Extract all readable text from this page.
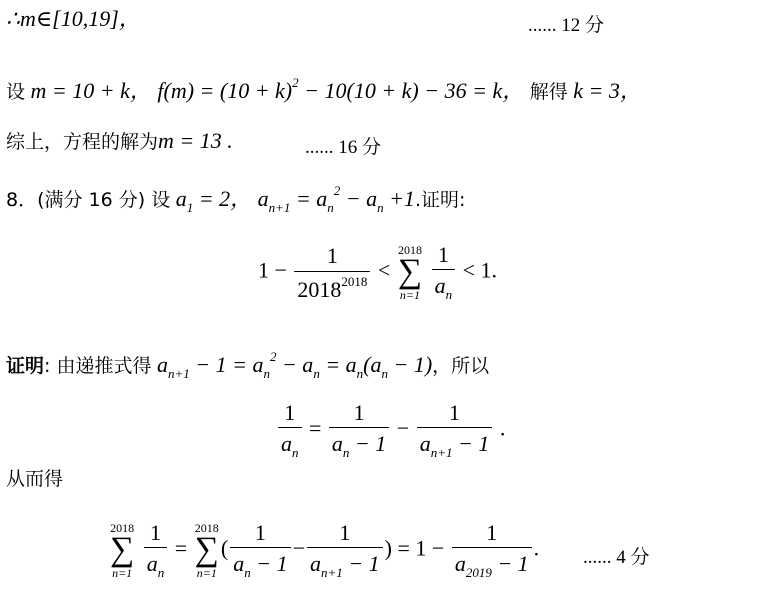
∴m∈[10,19]，	...... 12 分
设 m = 10 + k， $f(m) = (10 + k)^2 - 10(10 + k) - 36 = k$， 解得 k = 3，
综上，方程的解为m = 13 .	...... 16 分
8．(满分 16 分) 设 $a_1 = 2$， $a_{n+1} = a_n^2 - a_n +1$.证明:
$1 - \frac{1}{2018^{2018}}$ <
2018
∑
n=1
$\frac{1}{a_n} < 1$.
证明: 由递推式得 $a_{n+1} - 1 = a_n^2 - a_n = a_n(a_n - 1)$，所以
$\frac{1}{a_n} = \frac{1}{a_n - 1} - \frac{1}{a_{n+1} - 1}$ .
从而得
2018
∑
n=1
$\frac{1}{a_n}$ =
2018
∑
n=1
( $\frac{1}{a_n - 1} - \frac{1}{a_{n+1} - 1}$ ) = $1 - \frac{1}{a_{2019} - 1}$ . ...... 4 分
